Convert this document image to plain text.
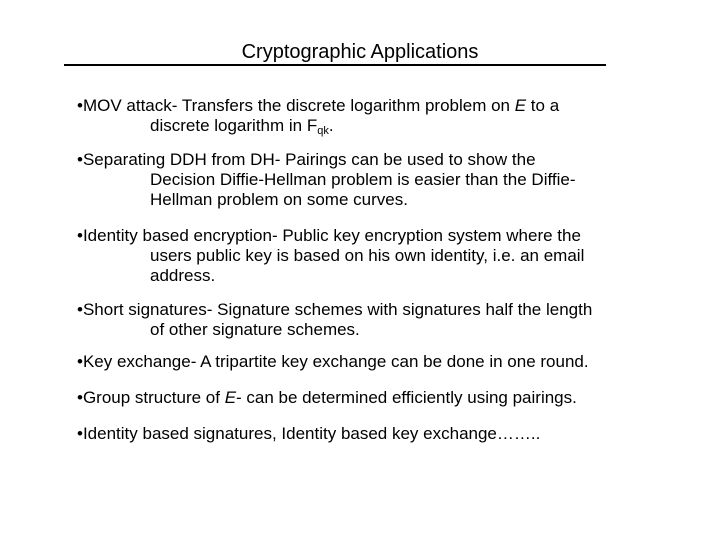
Cryptographic Applications
•MOV attack- Transfers the discrete logarithm problem on E to a
discrete logarithm in $F_{qk}$.
•Separating DDH from DH- Pairings can be used to show the
Decision Diffie-Hellman problem is easier than the Diffie-
Hellman problem on some curves.
•Identity based encryption- Public key encryption system where the
users public key is based on his own identity, i.e. an email
address.
•Short signatures- Signature schemes with signatures half the length
of other signature schemes.
•Key exchange- A tripartite key exchange can be done in one round.
•Group structure of E- can be determined efficiently using pairings.
•Identity based signatures, Identity based key exchange……..
